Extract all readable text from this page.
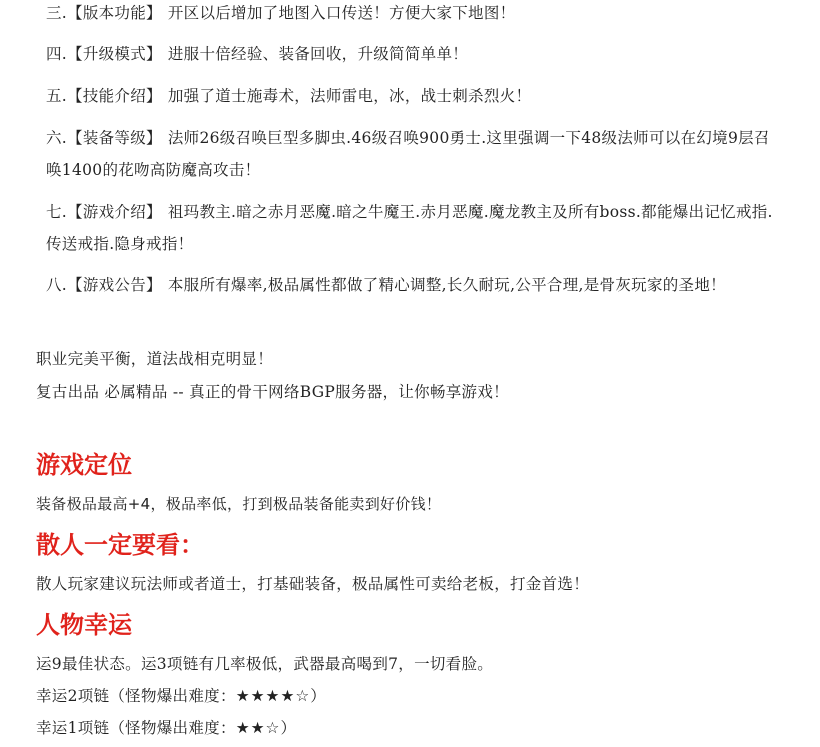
三.【版本功能】 开区以后增加了地图入口传送！方便大家下地图！
四.【升级模式】 进服十倍经验、装备回收，升级简简单单！
五.【技能介绍】 加强了道士施毒术，法师雷电，冰，战士刺杀烈火！
六.【装备等级】 法师26级召唤巨型多脚虫.46级召唤900勇士.这里强调一下48级法师可以在幻境9层召唤1400的花吻高防魔高攻击！
七.【游戏介绍】 祖玛教主.暗之赤月恶魔.暗之牛魔王.赤月恶魔.魔龙教主及所有boss.都能爆出记忆戒指.传送戒指.隐身戒指！
八.【游戏公告】 本服所有爆率,极品属性都做了精心调整,长久耐玩,公平合理,是骨灰玩家的圣地！
职业完美平衡，道法战相克明显！
复古出品 必属精品 -- 真正的骨干网络BGP服务器，让你畅享游戏！
游戏定位
装备极品最高+4，极品率低，打到极品装备能卖到好价钱！
散人一定要看：
散人玩家建议玩法师或者道士，打基础装备，极品属性可卖给老板，打金首选！
人物幸运
运9最佳状态。运3项链有几率极低，武器最高喝到7，一切看脸。
幸运2项链（怪物爆出难度：★★★★☆）
幸运1项链（怪物爆出难度：★★☆）
